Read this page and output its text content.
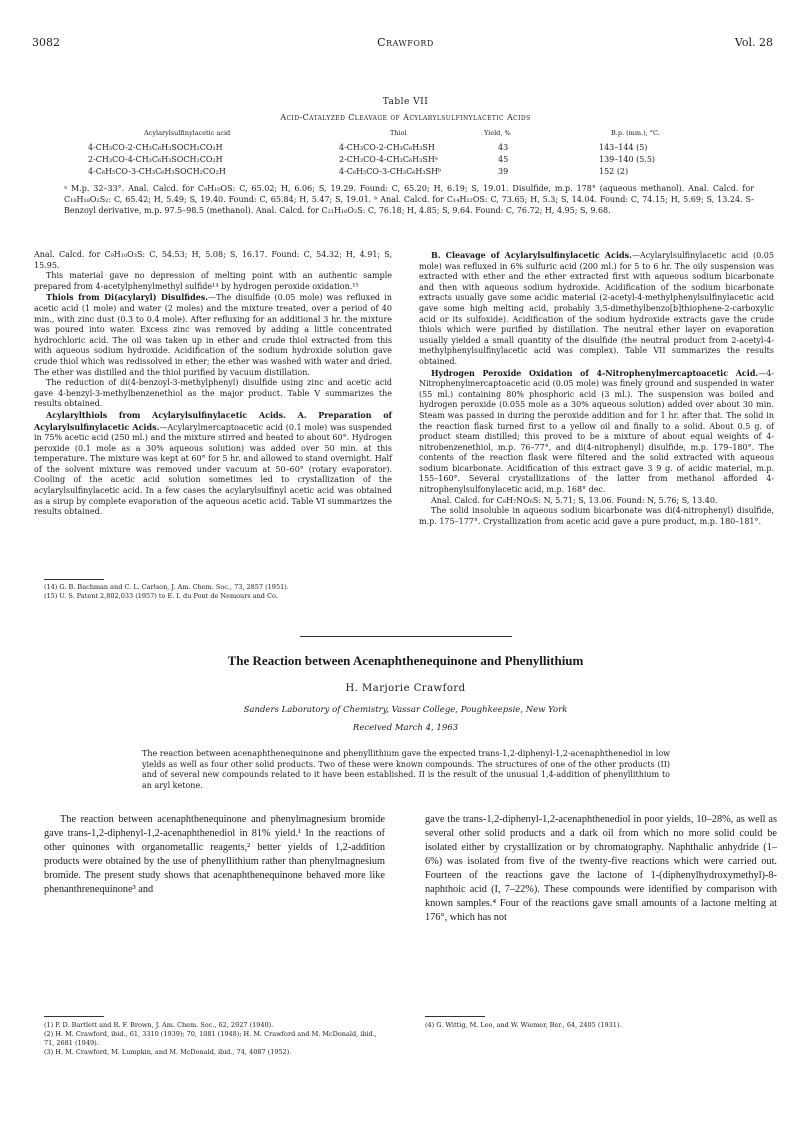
3082	Crawford	Vol. 28
Table VII
Acid-Catalyzed Cleavage of Acylarylsulfinylacetic Acids
Acylarylsulfinylacetic acid	Thiol	Yield, %	B.p. (mm.), °C.
4-CH₃CO-2-CH₃C₆H₃SOCH₂CO₂H	4-CH₃CO-2-CH₃C₆H₃SH	43	143–144 (5)
2-CH₃CO-4-CH₃C₆H₃SOCH₂CO₂H	2-CH₃CO-4-CH₃C₆H₃SHᵃ	45	139–140 (5.5)
4-C₆H₅CO-3-CH₃C₆H₃SOCH₂CO₂H	4-C₆H₅CO-3-CH₃C₆H₃SHᵇ	39	152 (2)
ᵃ M.p. 32–33°. Anal. Calcd. for C₉H₁₀OS: C, 65.02; H, 6.06; S, 19.29. Found: C, 65.20; H, 6.19; S, 19.01. Disulfide, m.p. 178° (aqueous methanol). Anal. Calcd. for C₁₈H₁₈O₂S₂: C, 65.42; H, 5.49; S, 19.40. Found: C, 65.84; H, 5.47; S, 19.01. ᵇ Anal. Calcd. for C₁₄H₁₂OS: C, 73.65; H, 5.3; S, 14.04. Found: C, 74.15; H, 5.69; S, 13.24. S-Benzoyl derivative, m.p. 97.5–98.5 (methanol). Anal. Calcd. for C₂₁H₁₆O₂S: C, 76.18; H, 4.85; S, 9.64. Found: C, 76.72; H, 4.95; S, 9.68.

Anal. Calcd. for C₉H₁₀O₃S: C, 54.53; H, 5.08; S, 16.17. Found: C, 54.32; H, 4.91; S, 15.95.

This material gave no depression of melting point with an authentic sample prepared from 4-acetylphenylmethyl sulfide¹⁴ by hydrogen peroxide oxidation.¹⁵

Thiols from Di(acylaryl) Disulfides.—The disulfide (0.05 mole) was refluxed in acetic acid (1 mole) and water (2 moles) and the mixture treated, over a period of 40 min., with zinc dust (0.3 to 0.4 mole). After refluxing for an additional 3 hr. the mixture was poured into water. Excess zinc was removed by adding a little concentrated hydrochloric acid. The oil was taken up in ether and crude thiol extracted from this with aqueous sodium hydroxide. Acidification of the sodium hydroxide solution gave crude thiol which was redissolved in ether; the ether was washed with water and dried. The ether was distilled and the thiol purified by vacuum distillation.

The reduction of di(4-benzoyl-3-methylphenyl) disulfide using zinc and acetic acid gave 4-benzyl-3-methylbenzenethiol as the major product. Table V summarizes the results obtained.

Acylarylthiols from Acylarylsulfinylacetic Acids. A. Preparation of Acylarylsulfinylacetic Acids.—Acylarylmercaptoacetic acid (0.1 mole) was suspended in 75% acetic acid (250 ml.) and the mixture stirred and heated to about 60°. Hydrogen peroxide (0.1 mole as a 30% aqueous solution) was added over 50 min. at this temperature. The mixture was kept at 60° for 5 hr. and allowed to stand overnight. Half of the solvent mixture was removed under vacuum at 50–60° (rotary evaporator). Cooling of the acetic acid solution sometimes led to crystallization of the acylarylsulfinylacetic acid. In a few cases the acylarylsulfinyl acetic acid was obtained as a sirup by complete evaporation of the aqueous acetic acid. Table VI summarizes the results obtained.

(14) G. B. Bachman and C. L. Carlson, J. Am. Chem. Soc., 73, 2857 (1951).
(15) U. S. Patent 2,802,033 (1957) to E. I. du Pont de Nemours and Co.

B. Cleavage of Acylarylsulfinylacetic Acids.—Acylarylsulfinylacetic acid (0.05 mole) was refluxed in 6% sulfuric acid (200 ml.) for 5 to 6 hr. The oily suspension was extracted with ether and the ether extracted first with aqueous sodium bicarbonate and then with aqueous sodium hydroxide. Acidification of the sodium bicarbonate extracts usually gave some acidic material (2-acetyl-4-methylphenylsulfinylacetic acid gave some high melting acid, probably 3,5-dimethylbenzo[b]thiophene-2-carboxylic acid or its sulfoxide). Acidification of the sodium hydroxide extracts gave the crude thiols which were purified by distillation. The neutral ether layer on evaporation usually yielded a small quantity of the disulfide (the neutral product from 2-acetyl-4-methylphenylsulfinylacetic acid was complex). Table VII summarizes the results obtained.

Hydrogen Peroxide Oxidation of 4-Nitrophenylmercaptoacetic Acid.—4-Nitrophenylmercaptoacetic acid (0.05 mole) was finely ground and suspended in water (55 ml.) containing 80% phosphoric acid (3 ml.). The suspension was boiled and hydrogen peroxide (0.055 mole as a 30% aqueous solution) added over about 30 min. Steam was passed in during the peroxide addition and for 1 hr. after that. The solid in the reaction flask turned first to a yellow oil and finally to a solid. About 0.5 g. of product steam distilled; this proved to be a mixture of about equal weights of 4-nitrobenzenethiol, m.p. 76–77°, and di(4-nitrophenyl) disulfide, m.p. 179–180°. The contents of the reaction flask were filtered and the solid extracted with aqueous sodium bicarbonate. Acidification of this extract gave 3 9 g. of acidic material, m.p. 155–160°. Several crystallizations of the latter from methanol afforded 4-nitrophenylsulfonylacetic acid, m.p. 168° dec.

Anal. Calcd. for C₈H₇NO₆S: N, 5.71; S, 13.06. Found: N, 5.76; S, 13.40.

The solid insoluble in aqueous sodium bicarbonate was di(4-nitrophenyl) disulfide, m.p. 175–177°. Crystallization from acetic acid gave a pure product, m.p. 180–181°.

The Reaction between Acenaphthenequinone and Phenyllithium
H. Marjorie Crawford
Sanders Laboratory of Chemistry, Vassar College, Poughkeepsie, New York
Received March 4, 1963
The reaction between acenaphthenequinone and phenyllithium gave the expected trans-1,2-diphenyl-1,2-acenaphthenediol in low yields as well as four other solid products. Two of these were known compounds. The structures of one of the other products (II) and of several new compounds related to it have been established. II is the result of the unusual 1,4-addition of phenyllithium to an aryl ketone.

The reaction between acenaphthenequinone and phenylmagnesium bromide gave trans-1,2-diphenyl-1,2-acenaphthenediol in 81% yield.¹ In the reactions of other quinones with organometallic reagents,² better yields of 1,2-addition products were obtained by the use of phenyllithium rather than phenylmagnesium bromide. The present study shows that acenaphthenequinone behaved more like phenanthrenequinone³ and

gave the trans-1,2-diphenyl-1,2-acenaphthenediol in poor yields, 10–28%, as well as several other solid products and a dark oil from which no more solid could be isolated either by crystallization or by chromatography. Naphthalic anhydride (1–6%) was isolated from five of the twenty-five reactions which were carried out. Fourteen of the reactions gave the lactone of 1-(diphenylhydroxymethyl)-8-naphthoic acid (I, 7–22%). These compounds were identified by comparison with known samples.⁴ Four of the reactions gave small amounts of a lactone melting at 176°, which has not

(1) P. D. Bartlett and R. F. Brown, J. Am. Chem. Soc., 62, 2927 (1940).
(2) H. M. Crawford, ibid., 61, 3310 (1939); 70, 1081 (1948); H. M. Crawford and M. McDonald, ibid., 71, 2681 (1949).
(3) H. M. Crawford, M. Lumpkin, and M. McDonald, ibid., 74, 4087 (1952).
(4) G. Wittig, M. Leo, and W. Wiemer, Ber., 64, 2405 (1931).
